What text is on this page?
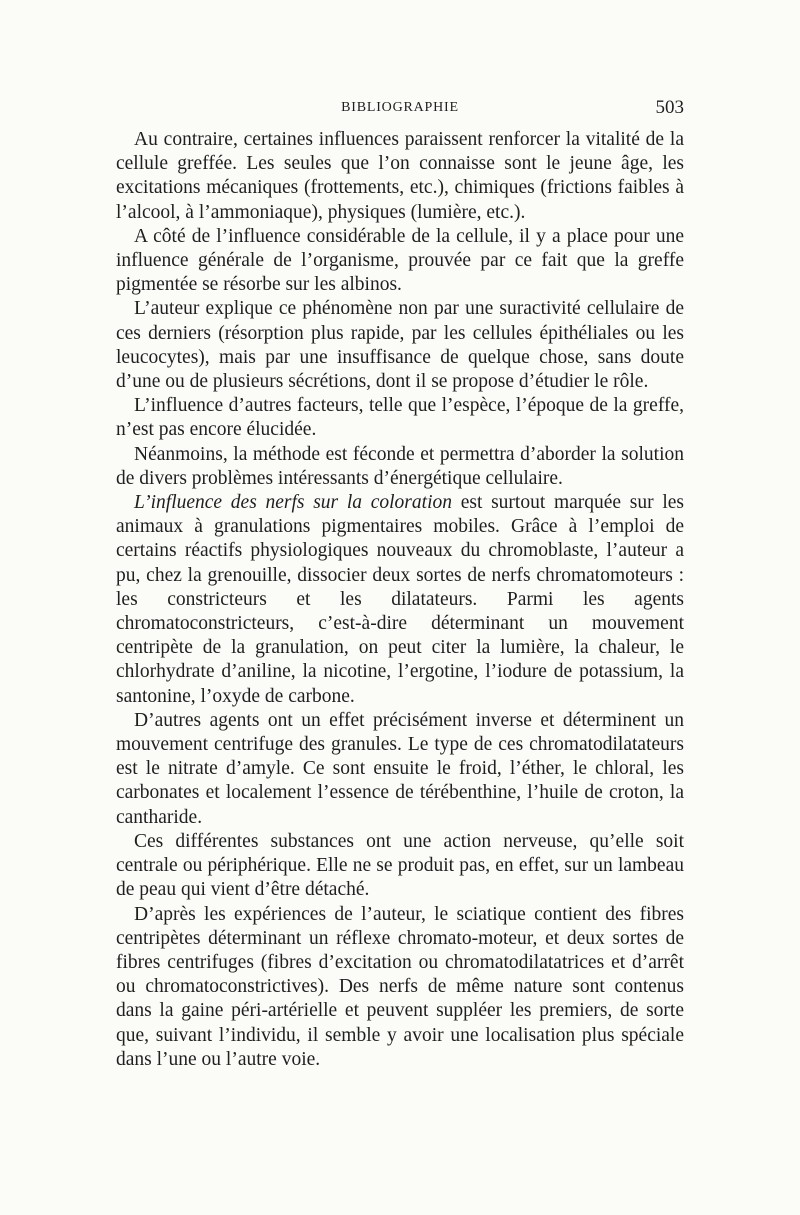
BIBLIOGRAPHIE	503

Au contraire, certaines influences paraissent renforcer la vitalité de la cellule greffée. Les seules que l’on connaisse sont le jeune âge, les excitations mécaniques (frottements, etc.), chimiques (frictions faibles à l’alcool, à l’ammoniaque), physiques (lumière, etc.).

A côté de l’influence considérable de la cellule, il y a place pour une influence générale de l’organisme, prouvée par ce fait que la greffe pigmentée se résorbe sur les albinos.

L’auteur explique ce phénomène non par une suractivité cellulaire de ces derniers (résorption plus rapide, par les cellules épithéliales ou les leucocytes), mais par une insuffisance de quelque chose, sans doute d’une ou de plusieurs sécrétions, dont il se propose d’étudier le rôle.

L’influence d’autres facteurs, telle que l’espèce, l’époque de la greffe, n’est pas encore élucidée.

Néanmoins, la méthode est féconde et permettra d’aborder la solution de divers problèmes intéressants d’énergétique cellulaire.

L’influence des nerfs sur la coloration est surtout marquée sur les animaux à granulations pigmentaires mobiles. Grâce à l’emploi de certains réactifs physiologiques nouveaux du chromoblaste, l’auteur a pu, chez la grenouille, dissocier deux sortes de nerfs chromatomoteurs : les constricteurs et les dilatateurs. Parmi les agents chromatoconstricteurs, c’est-à-dire déterminant un mouvement centripète de la granulation, on peut citer la lumière, la chaleur, le chlorhydrate d’aniline, la nicotine, l’ergotine, l’iodure de potassium, la santonine, l’oxyde de carbone.

D’autres agents ont un effet précisément inverse et déterminent un mouvement centrifuge des granules. Le type de ces chromatodilatateurs est le nitrate d’amyle. Ce sont ensuite le froid, l’éther, le chloral, les carbonates et localement l’essence de térébenthine, l’huile de croton, la cantharide.

Ces différentes substances ont une action nerveuse, qu’elle soit centrale ou périphérique. Elle ne se produit pas, en effet, sur un lambeau de peau qui vient d’être détaché.

D’après les expériences de l’auteur, le sciatique contient des fibres centripètes déterminant un réflexe chromato-moteur, et deux sortes de fibres centrifuges (fibres d’excitation ou chromatodilatatrices et d’arrêt ou chromatoconstrictives). Des nerfs de même nature sont contenus dans la gaine péri-artérielle et peuvent suppléer les premiers, de sorte que, suivant l’individu, il semble y avoir une localisation plus spéciale dans l’une ou l’autre voie.
